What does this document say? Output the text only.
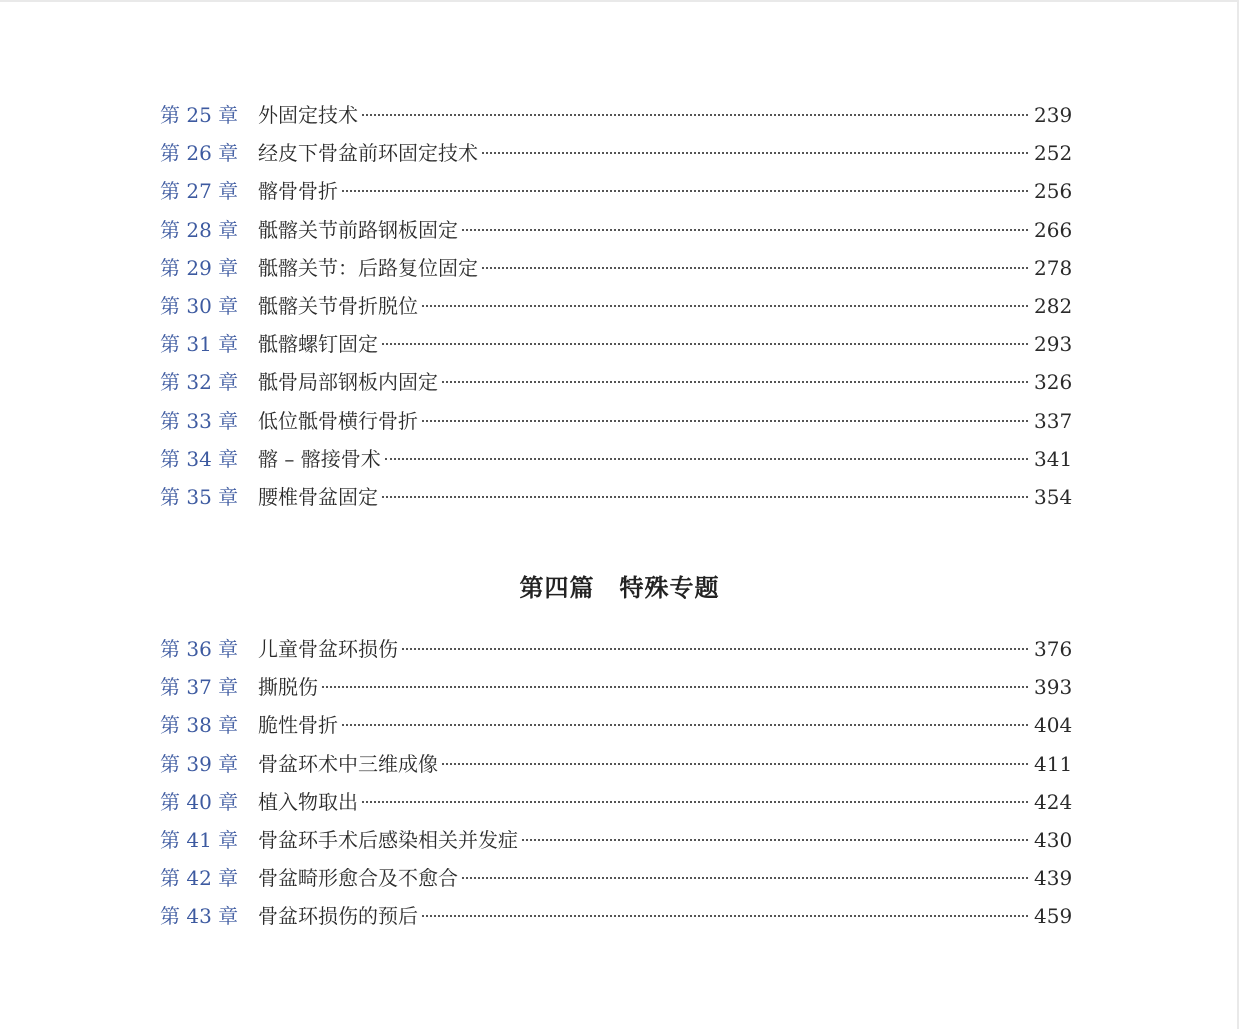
第 25 章 外固定技术	239
第 26 章 经皮下骨盆前环固定技术	252
第 27 章 髂骨骨折	256
第 28 章 骶髂关节前路钢板固定	266
第 29 章 骶髂关节：后路复位固定	278
第 30 章 骶髂关节骨折脱位	282
第 31 章 骶髂螺钉固定	293
第 32 章 骶骨局部钢板内固定	326
第 33 章 低位骶骨横行骨折	337
第 34 章 髂 – 髂接骨术	341
第 35 章 腰椎骨盆固定	354
第四篇　特殊专题
第 36 章 儿童骨盆环损伤	376
第 37 章 撕脱伤	393
第 38 章 脆性骨折	404
第 39 章 骨盆环术中三维成像	411
第 40 章 植入物取出	424
第 41 章 骨盆环手术后感染相关并发症	430
第 42 章 骨盆畸形愈合及不愈合	439
第 43 章 骨盆环损伤的预后	459
